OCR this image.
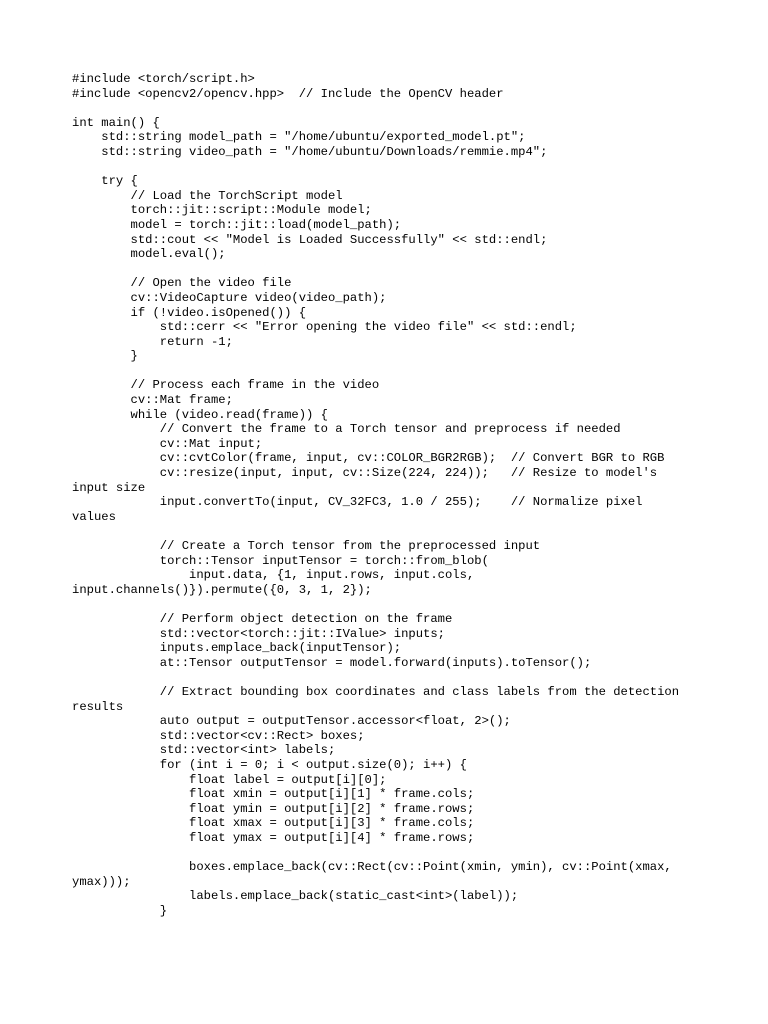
#include <torch/script.h>
#include <opencv2/opencv.hpp>  // Include the OpenCV header
int main() {
std::string model_path = "/home/ubuntu/exported_model.pt";
std::string video_path = "/home/ubuntu/Downloads/remmie.mp4";
try {
// Load the TorchScript model
torch::jit::script::Module model;
model = torch::jit::load(model_path);
std::cout << "Model is Loaded Successfully" << std::endl;
model.eval();
// Open the video file
cv::VideoCapture video(video_path);
if (!video.isOpened()) {
std::cerr << "Error opening the video file" << std::endl;
return -1;
}
// Process each frame in the video
cv::Mat frame;
while (video.read(frame)) {
// Convert the frame to a Torch tensor and preprocess if needed
cv::Mat input;
cv::cvtColor(frame, input, cv::COLOR_BGR2RGB);  // Convert BGR to RGB
cv::resize(input, input, cv::Size(224, 224));   // Resize to model's
input size
input.convertTo(input, CV_32FC3, 1.0 / 255);    // Normalize pixel
values
// Create a Torch tensor from the preprocessed input
torch::Tensor inputTensor = torch::from_blob(
input.data, {1, input.rows, input.cols,
input.channels()}).permute({0, 3, 1, 2});
// Perform object detection on the frame
std::vector<torch::jit::IValue> inputs;
inputs.emplace_back(inputTensor);
at::Tensor outputTensor = model.forward(inputs).toTensor();
// Extract bounding box coordinates and class labels from the detection
results
auto output = outputTensor.accessor<float, 2>();
std::vector<cv::Rect> boxes;
std::vector<int> labels;
for (int i = 0; i < output.size(0); i++) {
float label = output[i][0];
float xmin = output[i][1] * frame.cols;
float ymin = output[i][2] * frame.rows;
float xmax = output[i][3] * frame.cols;
float ymax = output[i][4] * frame.rows;
boxes.emplace_back(cv::Rect(cv::Point(xmin, ymin), cv::Point(xmax,
ymax)));
labels.emplace_back(static_cast<int>(label));
}
